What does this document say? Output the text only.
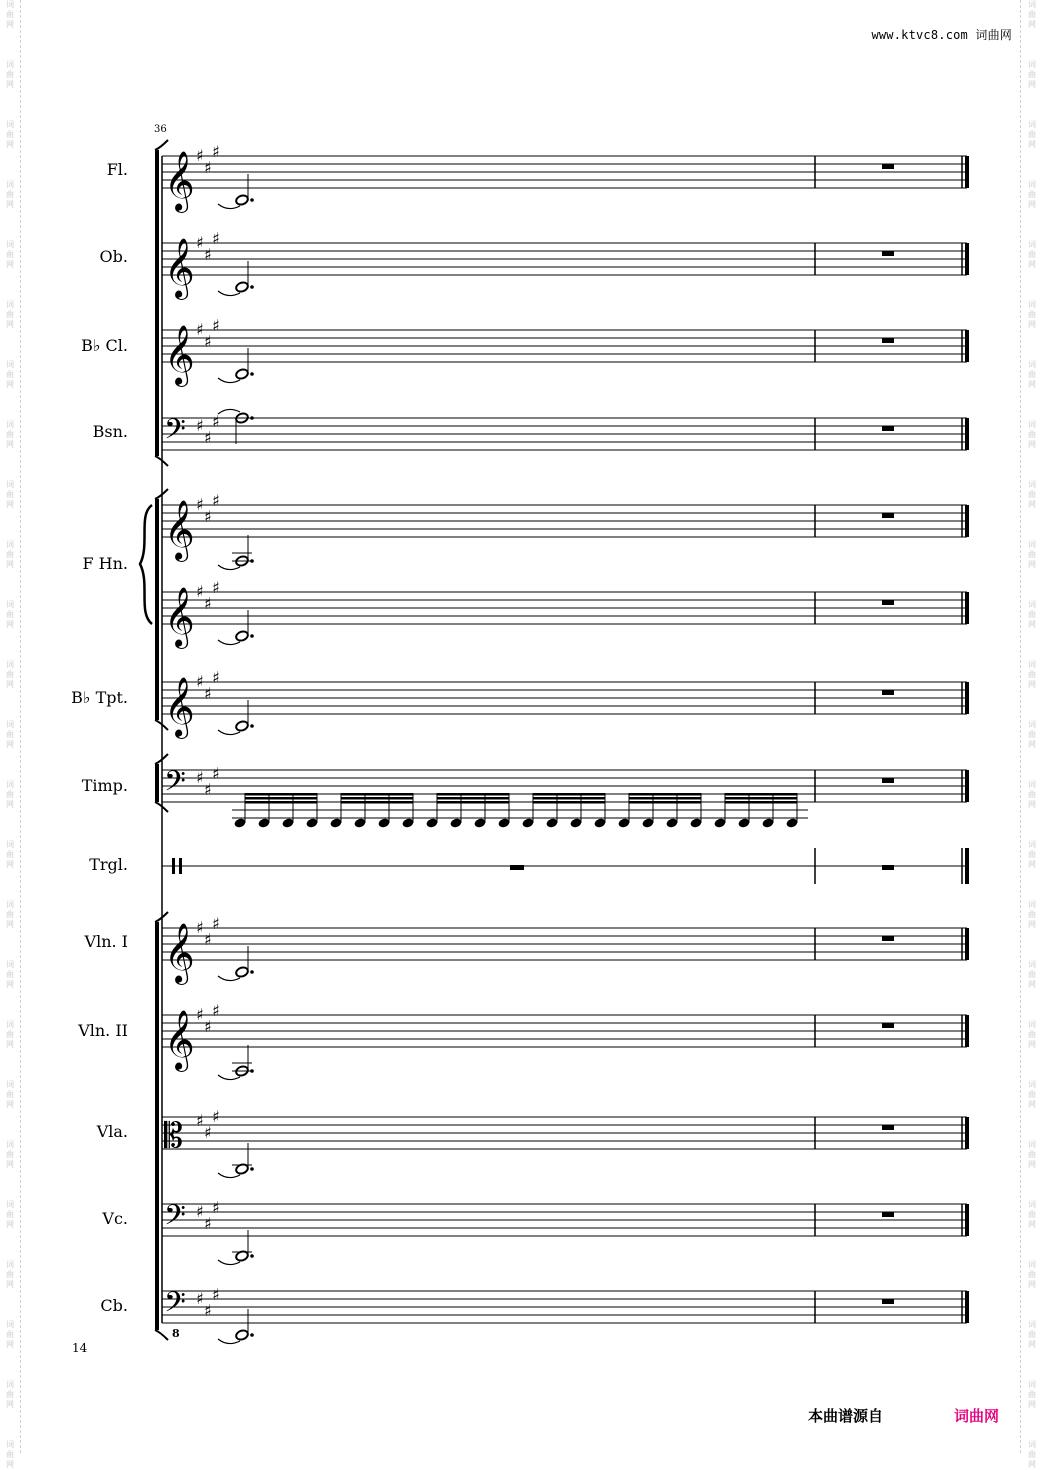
词
曲
网
词
曲
网
词
曲
网
词
曲
网
词
曲
网
词
曲
网
词
曲
网
词
曲
网
词
曲
网
词
曲
网
词
曲
网
词
曲
网
词
曲
网
词
曲
网
词
曲
网
词
曲
网
词
曲
网
词
曲
网
词
曲
网
词
曲
网
词
曲
网
词
曲
网
词
曲
网
词
曲
网
词
曲
网
词
曲
网
词
曲
网
词
曲
网
词
曲
网
词
曲
网
词
曲
网
词
曲
网
词
曲
网
词
曲
网
词
曲
网
词
曲
网
词
曲
网
词
曲
网
词
曲
网
词
曲
网
词
曲
网
词
曲
网
词
曲
网
词
曲
网
词
曲
网
词
曲
网
词
曲
网
词
曲
网
词
曲
网
词
曲
网
www.ktvc8.com 词曲网
36
Fl.
Ob.
B♭ Cl.
Bsn.
F Hn.
B♭ Tpt.
Timp.
Trgl.
Vln. I
Vln. II
Vla.
Vc.
Cb.
𝄞 ♯
♯
♯
𝄞 ♯
♯
♯
𝄞 ♯
♯
♯
𝄢 ♯
♯
♯
𝄞 ♯
♯
♯
𝄞 ♯
♯
♯
𝄞 ♯
♯
♯
𝄢 ♯
♯
♯
𝄞 ♯
♯
♯
𝄞 ♯
♯
♯
𝄡 ♯
♯
♯
𝄢 ♯
♯
♯
𝄢 ♯
♯
♯
8
14
本曲谱源自	词曲网
